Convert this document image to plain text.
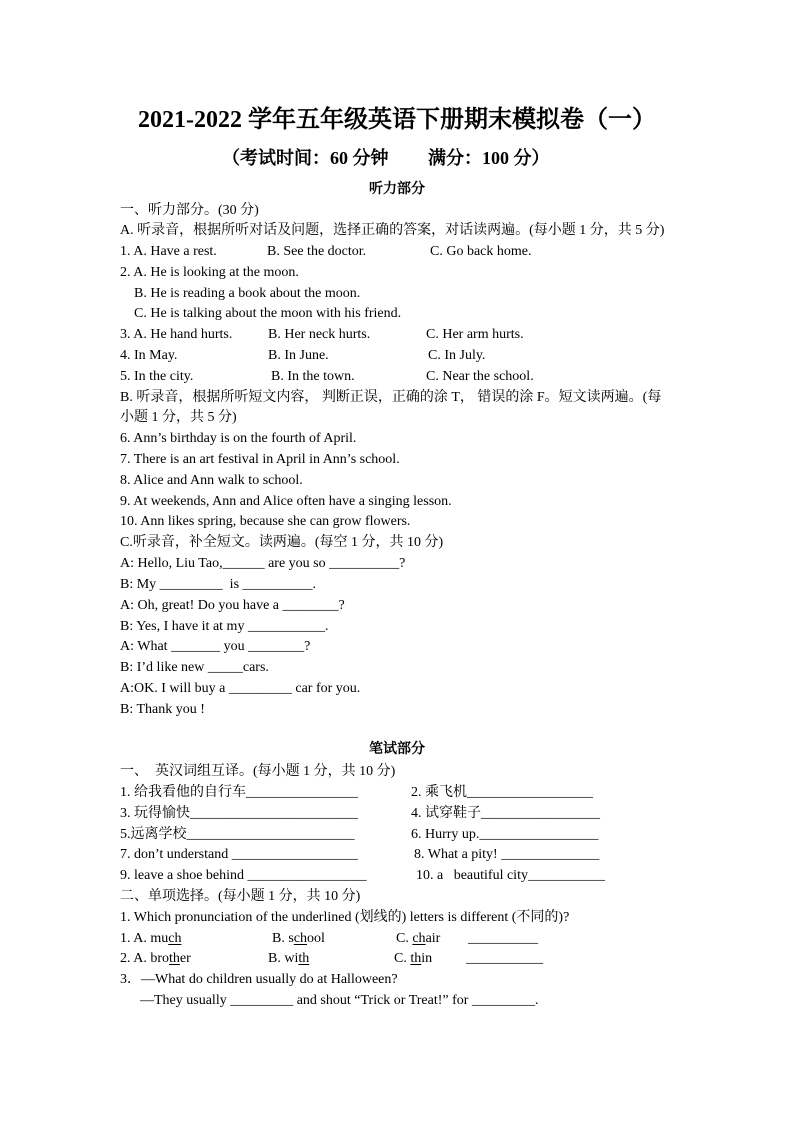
2021-2022 学年五年级英语下册期末模拟卷（一）
（考试时间：60 分钟 满分：100 分）
听力部分
一、听力部分。(30 分)
A. 听录音，根据所听对话及问题，选择正确的答案，对话读两遍。(每小题 1 分，共 5 分)
1. A. Have a rest.	B. See the doctor.	C. Go back home.
2. A. He is looking at the moon.
B. He is reading a book about the moon.
C. He is talking about the moon with his friend.
3. A. He hand hurts.	B. Her neck hurts.	C. Her arm hurts.
4. In May.	B. In June.	C. In July.
5. In the city.	B. In the town.	C. Near the school.
B. 听录音，根据所听短文内容， 判断正误，正确的涂 T， 错误的涂 F。短文读两遍。(每
小题 1 分，共 5 分)
6. Ann’s birthday is on the fourth of April.
7. There is an art festival in April in Ann’s school.
8. Alice and Ann walk to school.
9. At weekends, Ann and Alice often have a singing lesson.
10. Ann likes spring, because she can grow flowers.
C.听录音，补全短文。读两遍。(每空 1 分，共 10 分)
A: Hello, Liu Tao,______ are you so __________?
B: My _________  is __________.
A: Oh, great! Do you have a ________?
B: Yes, I have it at my ___________.
A: What _______ you ________?
B: I’d like new _____cars.
A:OK. I will buy a _________ car for you.
B: Thank you !
笔试部分
一、  英汉词组互译。(每小题 1 分，共 10 分)
1. 给我看他的自行车________________	2. 乘飞机__________________
3. 玩得愉快________________________	4. 试穿鞋子_________________
5.远离学校________________________	6. Hurry up._________________
7. don’t understand __________________	8. What a pity! ______________
9. leave a shoe behind _________________	10. a   beautiful city___________
二、单项选择。(每小题 1 分，共 10 分)
1. Which pronunciation of the underlined (划线的) letters is different (不同的)?
1. A. much	B. school	C. chair __________
2. A. brother	B. with	C. thin ___________
3．—What do children usually do at Halloween?
—They usually _________ and shout “Trick or Treat!” for _________.
